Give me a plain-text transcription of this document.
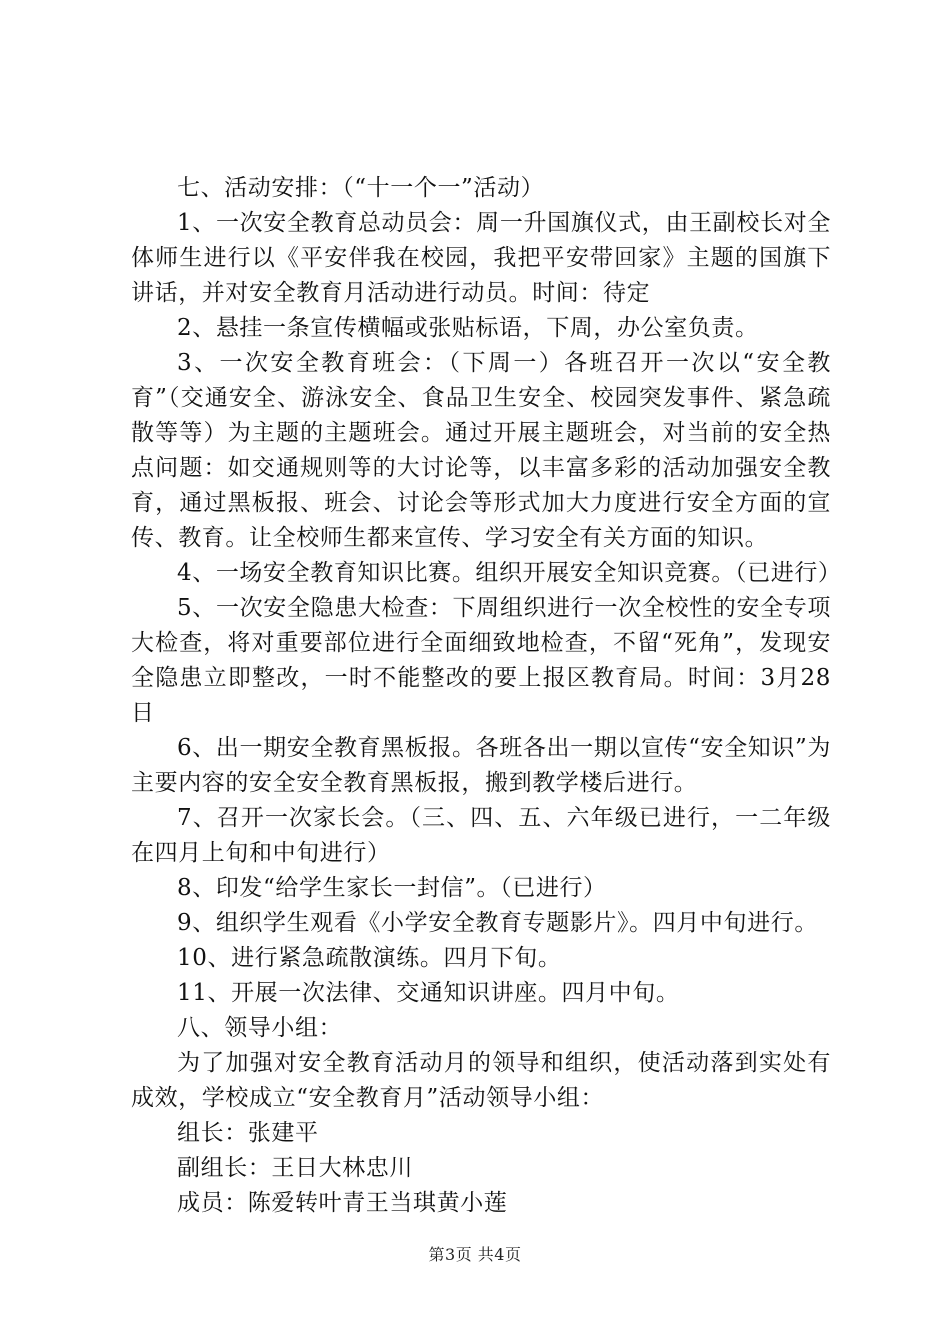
七、活动安排：（“十一个一”活动）

1、一次安全教育总动员会：周一升国旗仪式，由王副校长对全体师生进行以《平安伴我在校园，我把平安带回家》主题的国旗下讲话，并对安全教育月活动进行动员。时间：待定

2、悬挂一条宣传横幅或张贴标语，下周，办公室负责。

3、一次安全教育班会：（下周一）各班召开一次以“安全教育”（交通安全、游泳安全、食品卫生安全、校园突发事件、紧急疏散等等）为主题的主题班会。通过开展主题班会，对当前的安全热点问题：如交通规则等的大讨论等，以丰富多彩的活动加强安全教育，通过黑板报、班会、讨论会等形式加大力度进行安全方面的宣传、教育。让全校师生都来宣传、学习安全有关方面的知识。

4、一场安全教育知识比赛。组织开展安全知识竞赛。（已进行）

5、一次安全隐患大检查：下周组织进行一次全校性的安全专项大检查，将对重要部位进行全面细致地检查，不留“死角”，发现安全隐患立即整改，一时不能整改的要上报区教育局。时间：3月28日

6、出一期安全教育黑板报。各班各出一期以宣传“安全知识”为主要内容的安全安全教育黑板报，搬到教学楼后进行。

7、召开一次家长会。（三、四、五、六年级已进行，一二年级在四月上旬和中旬进行）

8、印发“给学生家长一封信”。（已进行）

9、组织学生观看《小学安全教育专题影片》。四月中旬进行。

10、进行紧急疏散演练。四月下旬。

11、开展一次法律、交通知识讲座。四月中旬。

八、领导小组：

为了加强对安全教育活动月的领导和组织，使活动落到实处有成效，学校成立“安全教育月”活动领导小组：

组长：张建平

副组长：王日大林忠川

成员：陈爱转叶青王当琪黄小莲

第3页 共4页
